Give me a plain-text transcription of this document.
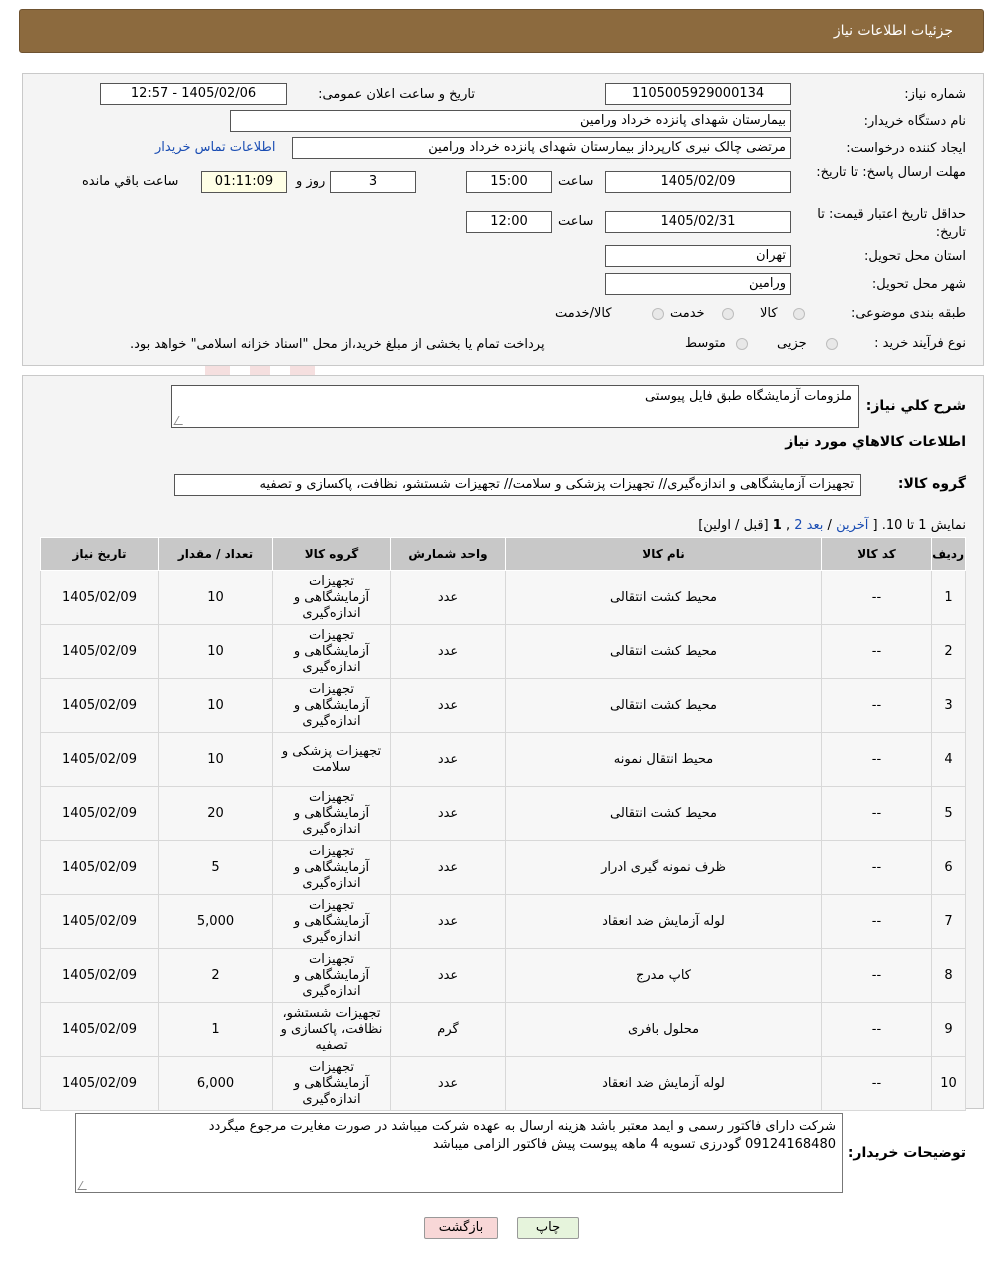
جزئیات اطلاعات نیاز
شماره نیاز:
1105005929000134
تاریخ و ساعت اعلان عمومی:
1405/02/06 - 12:57
نام دستگاه خریدار:
بیمارستان شهدای پانزده خرداد ورامین
ایجاد کننده درخواست:
مرتضی چالک نیری کارپرداز بیمارستان شهدای پانزده خرداد ورامین
اطلاعات تماس خریدار
مهلت ارسال پاسخ: تا تاریخ:
1405/02/09
ساعت
15:00
3
روز و
01:11:09
ساعت باقي مانده
حداقل تاریخ اعتبار قیمت: تا تاریخ:
1405/02/31
ساعت
12:00
استان محل تحویل:
تهران
شهر محل تحویل:
ورامین
طبقه بندی موضوعی:
کالا
خدمت
کالا/خدمت
نوع فرآیند خرید :
جزیی
متوسط
پرداخت تمام یا بخشی از مبلغ خرید،از محل "اسناد خزانه اسلامی" خواهد بود.
شرح کلي نياز:
ملزومات آزمایشگاه طبق فایل پیوستی
اطلاعات کالاهاي مورد نياز
گروه کالا:
تجهیزات آزمایشگاهی و اندازه‌گیری// تجهیزات پزشکی و سلامت// تجهیزات شستشو، نظافت، پاکسازی و تصفیه
نمایش 1 تا 10. [ آخرین / بعد 2 , 1 [قبل / اولین]
ردیف	کد کالا	نام کالا	واحد شمارش	گروه کالا	تعداد / مقدار	تاریخ نیاز
1	--	محیط کشت انتقالی	عدد	تجهیزات آزمایشگاهی و اندازه‌گیری	10	1405/02/09
2	--	محیط کشت انتقالی	عدد	تجهیزات آزمایشگاهی و اندازه‌گیری	10	1405/02/09
3	--	محیط کشت انتقالی	عدد	تجهیزات آزمایشگاهی و اندازه‌گیری	10	1405/02/09
4	--	محیط انتقال نمونه	عدد	تجهیزات پزشکی و سلامت	10	1405/02/09
5	--	محیط کشت انتقالی	عدد	تجهیزات آزمایشگاهی و اندازه‌گیری	20	1405/02/09
6	--	ظرف نمونه گیری ادرار	عدد	تجهیزات آزمایشگاهی و اندازه‌گیری	5	1405/02/09
7	--	لوله آزمایش ضد انعقاد	عدد	تجهیزات آزمایشگاهی و اندازه‌گیری	5,000	1405/02/09
8	--	کاپ مدرج	عدد	تجهیزات آزمایشگاهی و اندازه‌گیری	2	1405/02/09
9	--	محلول بافری	گرم	تجهیزات شستشو، نظافت، پاکسازی و تصفیه	1	1405/02/09
10	--	لوله آزمایش ضد انعقاد	عدد	تجهیزات آزمایشگاهی و اندازه‌گیری	6,000	1405/02/09
توضیحات خریدار:
شرکت دارای فاکتور رسمی و ایمد معتبر باشد هزینه ارسال به عهده شرکت میباشد در صورت مغایرت مرجوع میگردد
09124168480 گودرزی تسویه 4 ماهه پیوست پیش فاکتور الزامی میباشد
چاپ
بازگشت
